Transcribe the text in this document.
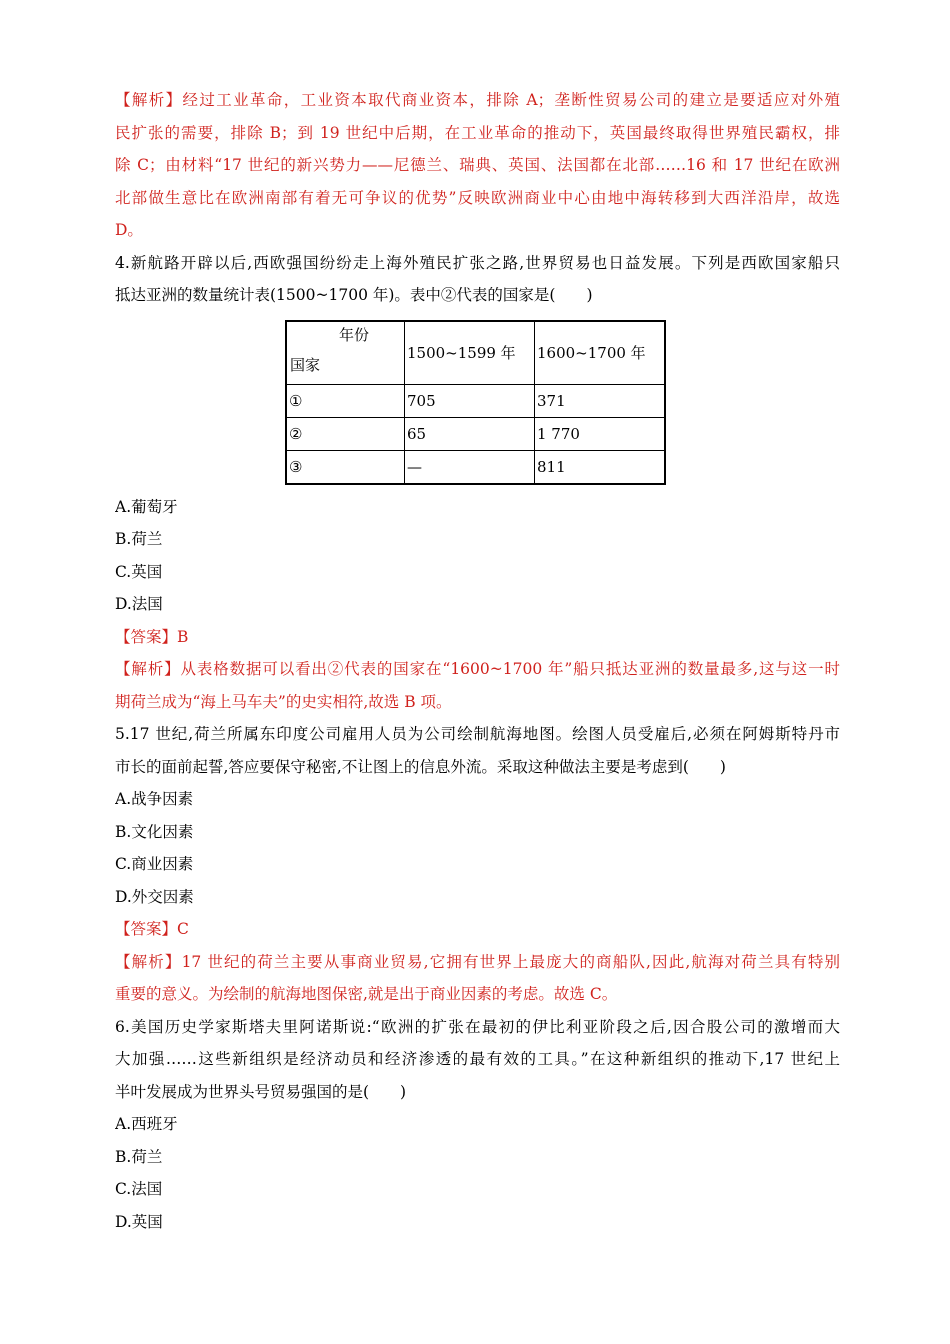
【解析】经过工业革命，工业资本取代商业资本，排除 A；垄断性贸易公司的建立是要适应对外殖
民扩张的需要，排除 B；到 19 世纪中后期，在工业革命的推动下，英国最终取得世界殖民霸权，排
除 C；由材料“17 世纪的新兴势力——尼德兰、瑞典、英国、法国都在北部……16 和 17 世纪在欧洲
北部做生意比在欧洲南部有着无可争议的优势”反映欧洲商业中心由地中海转移到大西洋沿岸，故选
D。
4.新航路开辟以后,西欧强国纷纷走上海外殖民扩张之路,世界贸易也日益发展。下列是西欧国家船只
抵达亚洲的数量统计表(1500~1700 年)。表中②代表的国家是(　　)
年份
国家	1500~1599 年	1600~1700 年
①	705	371
②	65	1 770
③	—	811
A.葡萄牙
B.荷兰
C.英国
D.法国
【答案】B
【解析】从表格数据可以看出②代表的国家在“1600~1700 年”船只抵达亚洲的数量最多,这与这一时
期荷兰成为“海上马车夫”的史实相符,故选 B 项。
5.17 世纪,荷兰所属东印度公司雇用人员为公司绘制航海地图。绘图人员受雇后,必须在阿姆斯特丹市
市长的面前起誓,答应要保守秘密,不让图上的信息外流。采取这种做法主要是考虑到(　　)
A.战争因素
B.文化因素
C.商业因素
D.外交因素
【答案】C
【解析】17 世纪的荷兰主要从事商业贸易,它拥有世界上最庞大的商船队,因此,航海对荷兰具有特别
重要的意义。为绘制的航海地图保密,就是出于商业因素的考虑。故选 C。
6.美国历史学家斯塔夫里阿诺斯说:“欧洲的扩张在最初的伊比利亚阶段之后,因合股公司的激增而大
大加强……这些新组织是经济动员和经济渗透的最有效的工具。”在这种新组织的推动下,17 世纪上
半叶发展成为世界头号贸易强国的是(　　)
A.西班牙
B.荷兰
C.法国
D.英国
